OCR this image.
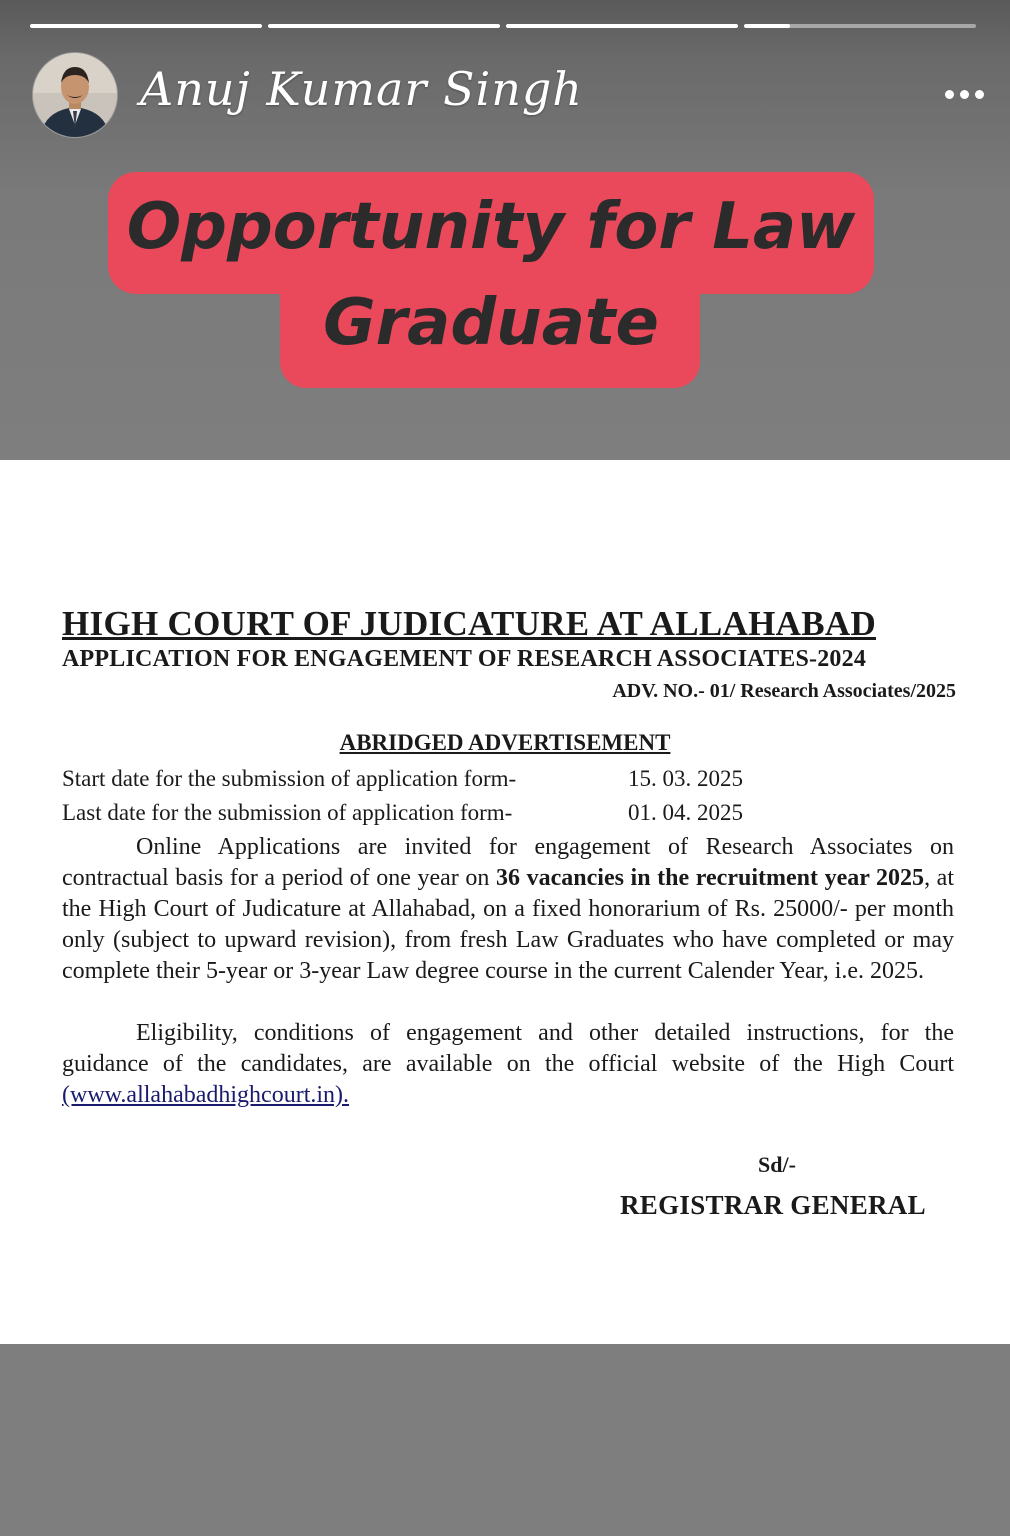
Anuj Kumar Singh
Opportunity for Law
Graduate
HIGH COURT OF JUDICATURE AT ALLAHABAD
APPLICATION FOR ENGAGEMENT OF RESEARCH ASSOCIATES-2024
ADV. NO.- 01/ Research Associates/2025
ABRIDGED ADVERTISEMENT
Start date for the submission of application form-	15. 03. 2025
Last date for the submission of application form-	01. 04. 2025

Online Applications are invited for engagement of Research Associates on contractual basis for a period of one year on 36 vacancies in the recruitment year 2025, at the High Court of Judicature at Allahabad, on a fixed honorarium of Rs. 25000/- per month only (subject to upward revision), from fresh Law Graduates who have completed or may complete their 5-year or 3-year Law degree course in the current Calender Year, i.e. 2025.

Eligibility, conditions of engagement and other detailed instructions, for the guidance of the candidates, are available on the official website of the High Court (www.allahabadhighcourt.in).

Sd/-
REGISTRAR GENERAL
